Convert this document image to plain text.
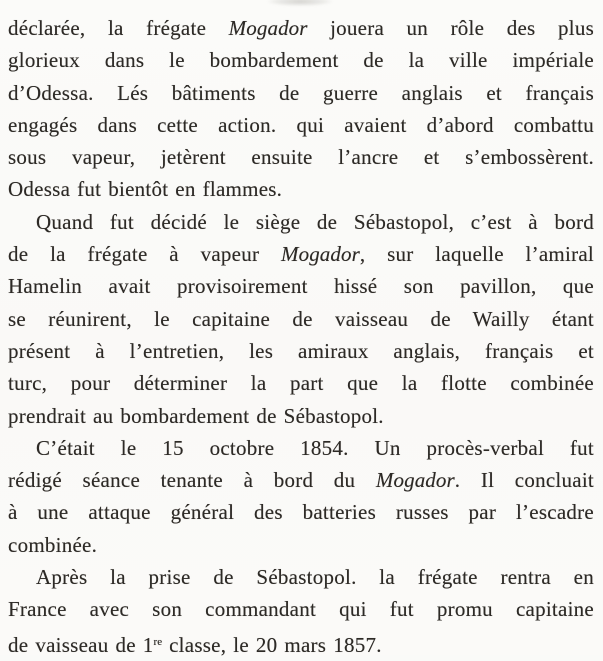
déclarée, la frégate Mogador jouera un rôle des plus
glorieux dans le bombardement de la ville impériale
d’Odessa. Lés bâtiments de guerre anglais et français
engagés dans cette action. qui avaient d’abord combattu
sous vapeur, jetèrent ensuite l’ancre et s’embossèrent.
Odessa fut bientôt en flammes.
Quand fut décidé le siège de Sébastopol, c’est à bord
de la frégate à vapeur Mogador, sur laquelle l’amiral
Hamelin avait provisoirement hissé son pavillon, que
se réunirent, le capitaine de vaisseau de Wailly étant
présent à l’entretien, les amiraux anglais, français et
turc, pour déterminer la part que la flotte combinée
prendrait au bombardement de Sébastopol.
C’était le 15 octobre 1854. Un procès-verbal fut
rédigé séance tenante à bord du Mogador. Il concluait
à une attaque général des batteries russes par l’escadre
combinée.
Après la prise de Sébastopol. la frégate rentra en
France avec son commandant qui fut promu capitaine
de vaisseau de 1re classe, le 20 mars 1857.
